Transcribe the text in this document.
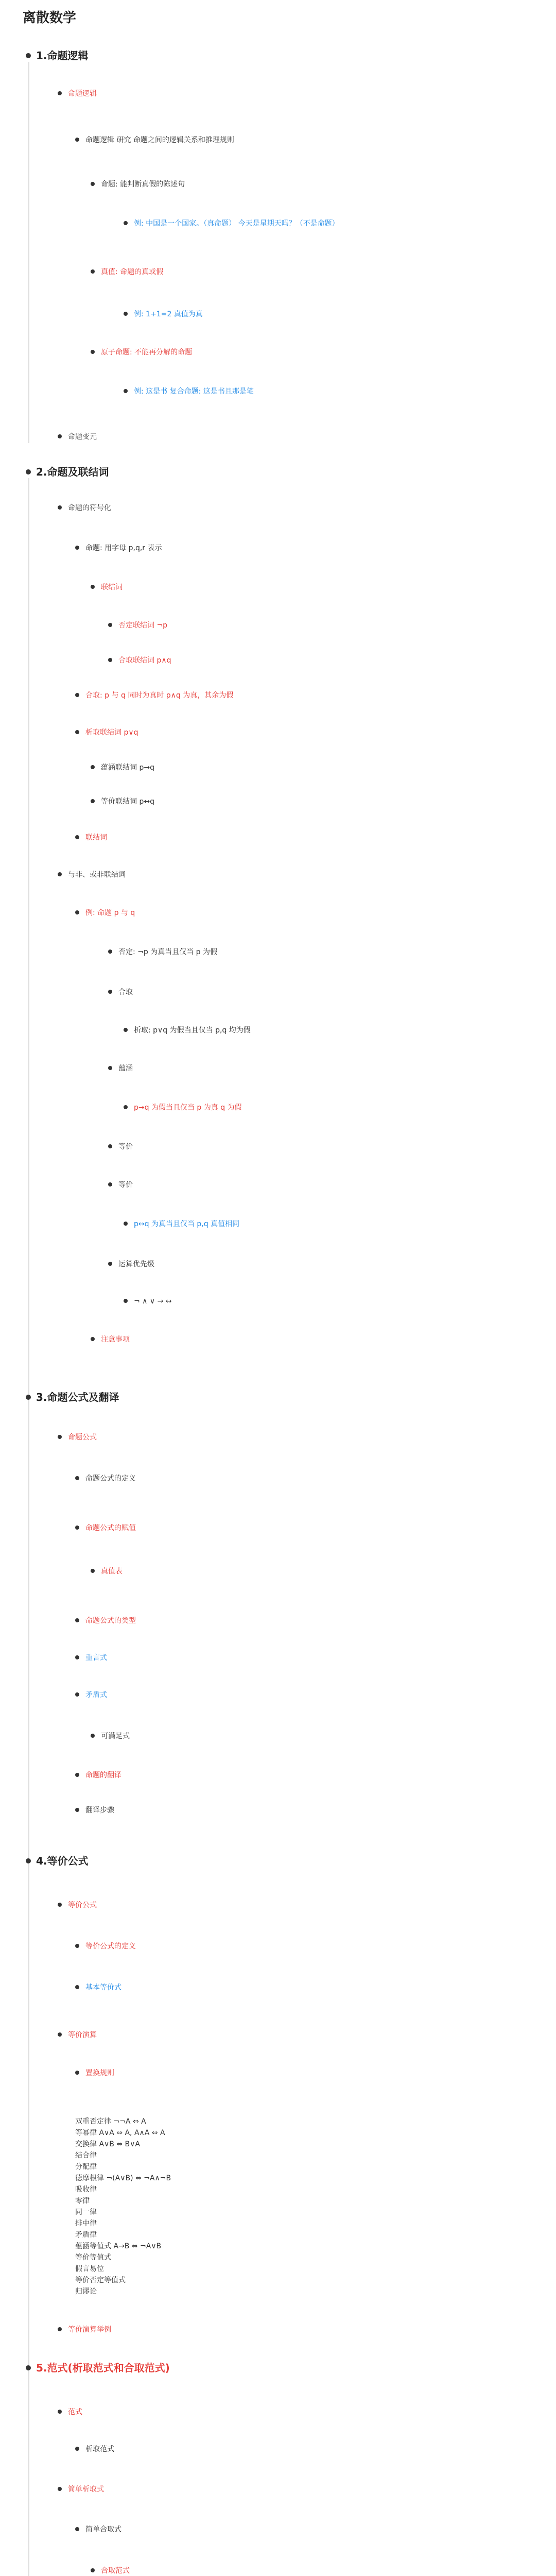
离散数学
1.命题逻辑
命题逻辑
命题逻辑 研究 命题之间的逻辑关系和推理规则
命题: 能判断真假的陈述句
例: 中国是一个国家。（真命题） 今天是星期天吗？（不是命题）
真值: 命题的真或假
例: 1+1=2 真值为真
原子命题: 不能再分解的命题
例: 这是书 复合命题: 这是书且那是笔
命题变元
2.命题及联结词
命题的符号化
命题: 用字母 p,q,r 表示
联结词
否定联结词 ¬p
合取联结词 p∧q
合取: p 与 q 同时为真时 p∧q 为真，其余为假
析取联结词 p∨q
蕴涵联结词 p→q
等价联结词 p↔q
联结词
与非、或非联结词
例: 命题 p 与 q
否定: ¬p 为真当且仅当 p 为假
合取
析取: p∨q 为假当且仅当 p,q 均为假
蕴涵
p→q 为假当且仅当 p 为真 q 为假
等价
等价
p↔q 为真当且仅当 p,q 真值相同
运算优先级
¬ ∧ ∨ → ↔
注意事项
3.命题公式及翻译
命题公式
命题公式的定义
命题公式的赋值
真值表
命题公式的类型
重言式
矛盾式
可满足式
命题的翻译
翻译步骤
4.等价公式
等价公式
等价公式的定义
基本等价式
等价演算
置换规则
双重否定律 ¬¬A ⇔ A
等幂律 A∨A ⇔ A, A∧A ⇔ A
交换律 A∨B ⇔ B∨A
结合律
分配律
德摩根律 ¬(A∨B) ⇔ ¬A∧¬B
吸收律
零律
同一律
排中律
矛盾律
蕴涵等值式 A→B ⇔ ¬A∨B
等价等值式
假言易位
等价否定等值式
归谬论
等价演算举例
5.范式(析取范式和合取范式)
范式
析取范式
简单析取式
简单合取式
合取范式
